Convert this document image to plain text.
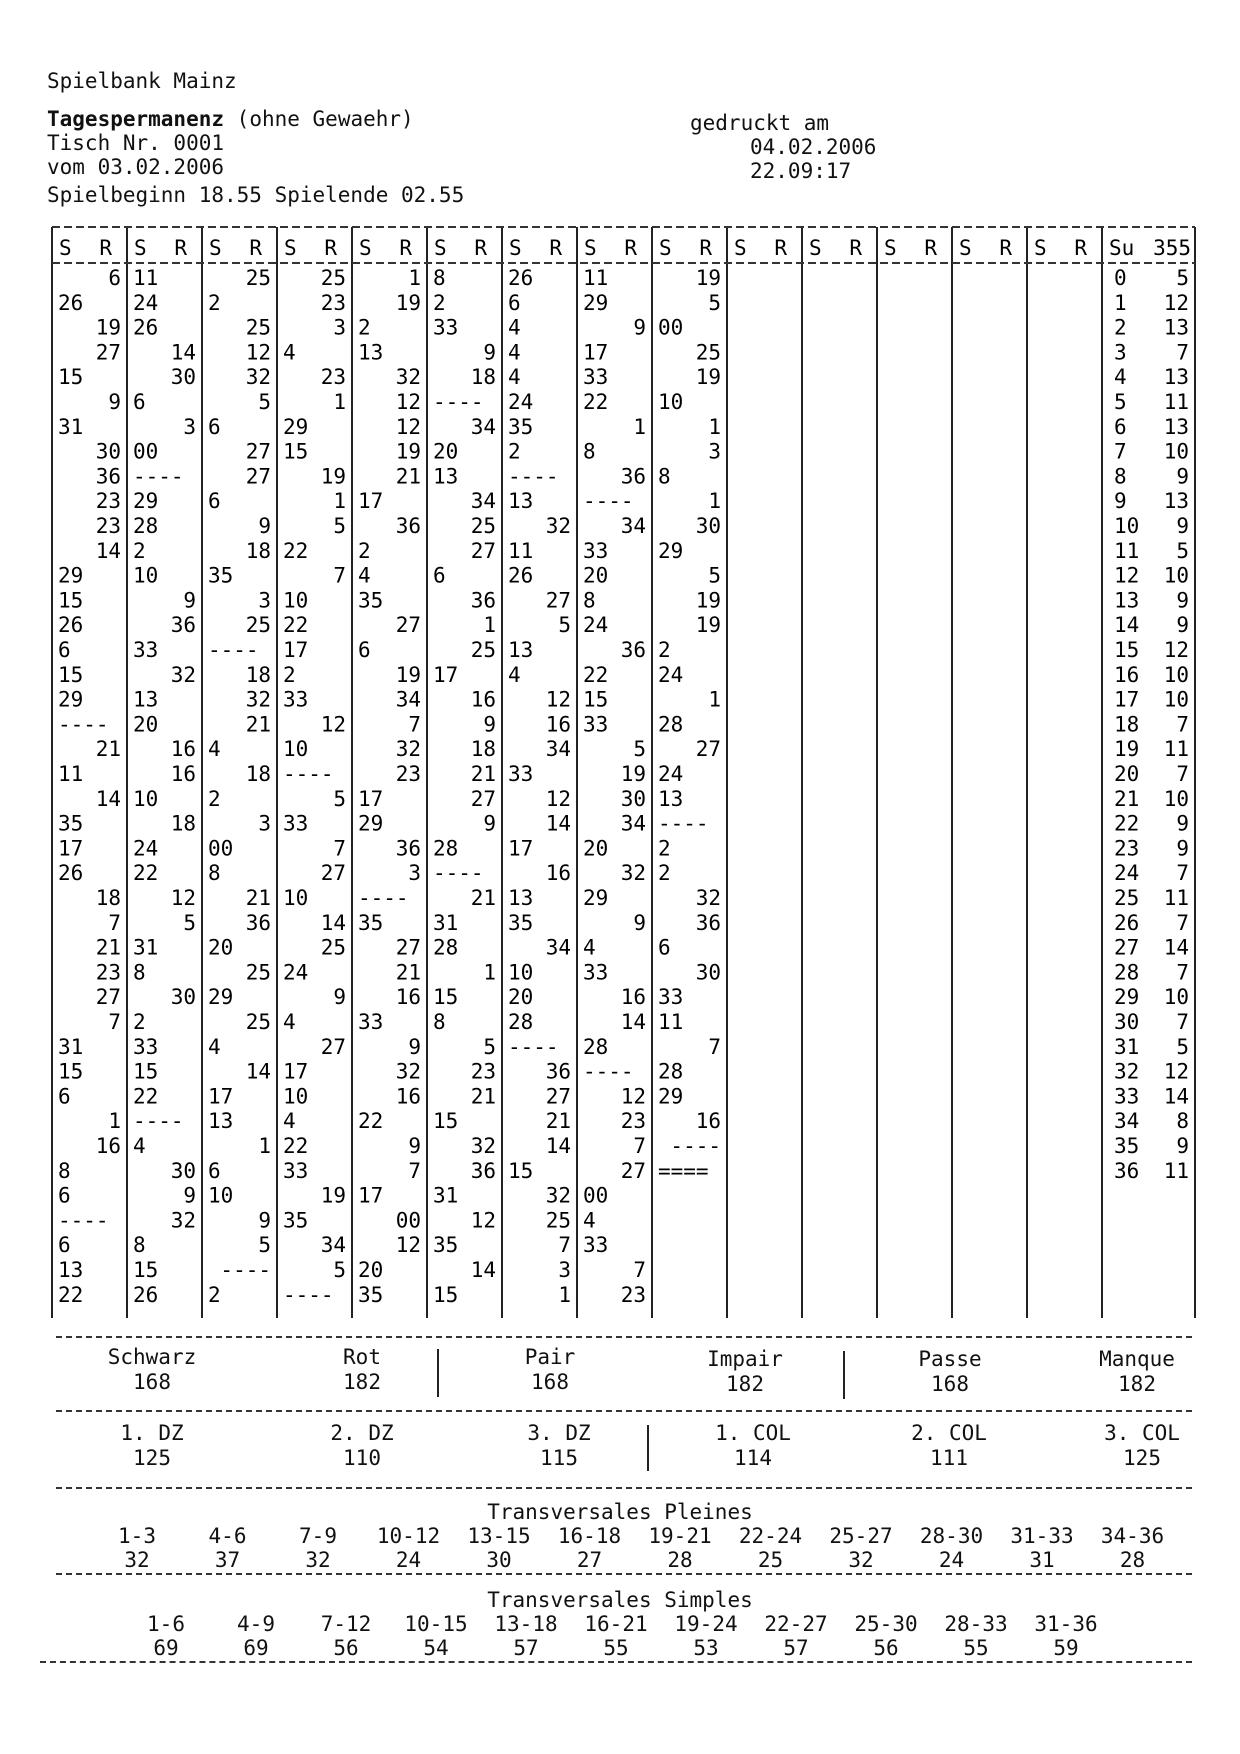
Spielbank Mainz
Tagespermanenz (ohne Gewaehr)
Tisch Nr. 0001
vom 03.02.2006
Spielbeginn 18.55 Spielende 02.55
gedruckt am
04.02.2006
22.09:17
S R S R S R S R S R S R S R S R S R S R S R S R S R S R Su 355
6
26
19
27
15
9
31
30
36
23
23
14
29
15
26
6
15
29
----
21
11
14
35
17
26
18
7
21
23
27
7
31
15
6
1
16
8
6
----
6
13
22
11
24
26
14
30
6
3
00
----
29
28
2
10
9
36
33
32
13
20
16
16
10
18
24
22
12
5
31
8
30
2
33
15
22
----
4
30
9
32
8
15
26
25
2
25
12
32
5
6
27
27
6
9
18
35
3
25
----
18
32
21
4
18
2
3
00
8
21
36
20
25
29
25
4
14
17
13
1
6
10
9
5
----
2
25
23
3
4
23
1
29
15
19
1
5
22
7
10
22
17
2
33
12
10
----
5
33
7
27
10
14
25
24
9
4
27
17
10
4
22
33
19
35
34
5
----
1
19
2
13
32
12
12
19
21
17
36
2
4
35
27
6
19
34
7
32
23
17
29
36
3
----
35
27
21
16
33
9
32
16
22
9
7
17
00
12
20
35
8
2
33
9
18
----
34
20
13
34
25
27
6
36
1
25
17
16
9
18
21
27
9
28
----
21
31
28
1
15
8
5
23
21
15
32
36
31
12
35
14
15
26
6
4
4
4
24
35
2
----
13
32
11
26
27
5
13
4
12
16
34
33
12
14
17
16
13
35
34
10
20
28
----
36
27
21
14
15
32
25
7
3
1
11
29
9
17
33
22
1
8
36
----
34
33
20
8
24
36
22
15
33
5
19
30
34
20
32
29
9
4
33
16
14
28
----
12
23
7
27
00
4
33
7
23
19
5
00
25
19
10
1
3
8
1
30
29
5
19
19
2
24
1
28
27
24
13
----
2
2
32
36
6
30
33
11
7
28
29
16
----
====
0 5
1 12
2 13
3 7
4 13
5 11
6 13
7 10
8 9
9 13
10 9
11 5
12 10
13 9
14 9
15 12
16 10
17 10
18 7
19 11
20 7
21 10
22 9
23 9
24 7
25 11
26 7
27 14
28 7
29 10
30 7
31 5
32 12
33 14
34 8
35 9
36 11
Schwarz
168
Rot
182
Pair
168
Impair
182
Passe
168
Manque
182
1. DZ
125
2. DZ
110
3. DZ
115
1. COL
114
2. COL
111
3. COL
125
Transversales Pleines
1-3
32
4-6
37
7-9
32
10-12
24
13-15
30
16-18
27
19-21
28
22-24
25
25-27
32
28-30
24
31-33
31
34-36
28
Transversales Simples
1-6
69
4-9
69
7-12
56
10-15
54
13-18
57
16-21
55
19-24
53
22-27
57
25-30
56
28-33
55
31-36
59
